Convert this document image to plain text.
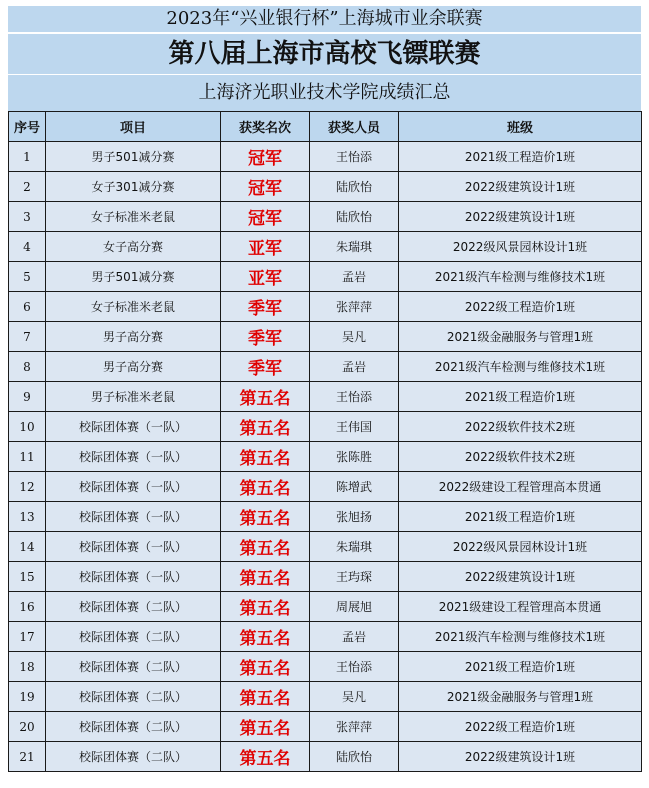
2023年“兴业银行杯”上海城市业余联赛
第八届上海市高校飞镖联赛
上海济光职业技术学院成绩汇总
序号	项目	获奖名次	获奖人员	班级
1	男子501减分赛	冠军	王怡添	2021级工程造价1班
2	女子301减分赛	冠军	陆欣怡	2022级建筑设计1班
3	女子标准米老鼠	冠军	陆欣怡	2022级建筑设计1班
4	女子高分赛	亚军	朱瑞琪	2022级风景园林设计1班
5	男子501减分赛	亚军	孟岩	2021级汽车检测与维修技术1班
6	女子标准米老鼠	季军	张萍萍	2022级工程造价1班
7	男子高分赛	季军	吴凡	2021级金融服务与管理1班
8	男子高分赛	季军	孟岩	2021级汽车检测与维修技术1班
9	男子标准米老鼠	第五名	王怡添	2021级工程造价1班
10	校际团体赛（一队）	第五名	王伟国	2022级软件技术2班
11	校际团体赛（一队）	第五名	张陈胜	2022级软件技术2班
12	校际团体赛（一队）	第五名	陈增武	2022级建设工程管理高本贯通
13	校际团体赛（一队）	第五名	张旭扬	2021级工程造价1班
14	校际团体赛（一队）	第五名	朱瑞琪	2022级风景园林设计1班
15	校际团体赛（一队）	第五名	王玙琛	2022级建筑设计1班
16	校际团体赛（二队）	第五名	周展旭	2021级建设工程管理高本贯通
17	校际团体赛（二队）	第五名	孟岩	2021级汽车检测与维修技术1班
18	校际团体赛（二队）	第五名	王怡添	2021级工程造价1班
19	校际团体赛（二队）	第五名	吴凡	2021级金融服务与管理1班
20	校际团体赛（二队）	第五名	张萍萍	2022级工程造价1班
21	校际团体赛（二队）	第五名	陆欣怡	2022级建筑设计1班
